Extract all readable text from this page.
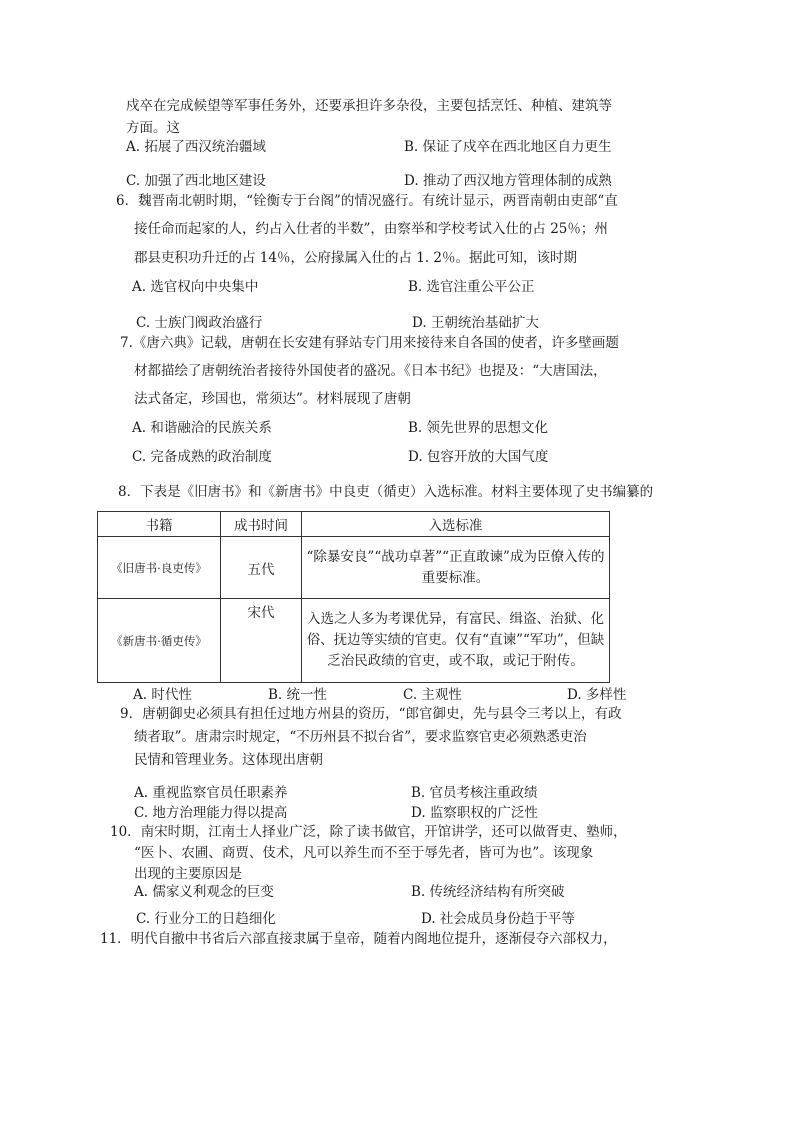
戍卒在完成候望等军事任务外，还要承担许多杂役，主要包括烹饪、种植、建筑等
方面。这
A. 拓展了西汉统治疆域	B. 保证了戍卒在西北地区自力更生
C. 加强了西北地区建设	D. 推动了西汉地方管理体制的成熟
6．魏晋南北朝时期，“铨衡专于台阁”的情况盛行。有统计显示，两晋南朝由吏部“直
接任命而起家的人，约占入仕者的半数”，由察举和学校考试入仕的占 25％；州
郡县吏积功升迁的占 14％，公府掾属入仕的占 1. 2％。据此可知，该时期
A. 选官权向中央集中	B. 选官注重公平公正
C. 士族门阀政治盛行	D. 王朝统治基础扩大
7.《唐六典》记载，唐朝在长安建有驿站专门用来接待来自各国的使者，许多壁画题
材都描绘了唐朝统治者接待外国使者的盛况。《日本书纪》也提及：“大唐国法，
法式备定，珍国也，常须达”。材料展现了唐朝
A. 和谐融洽的民族关系	B. 领先世界的思想文化
C. 完备成熟的政治制度	D. 包容开放的大国气度
8．下表是《旧唐书》和《新唐书》中良吏（循吏）入选标准。材料主要体现了史书编纂的
书籍	成书时间	入选标准
《旧唐书·良吏传》	五代	“除暴安良”“战功卓著”“正直敢谏”成为臣僚入传的重要标准。
《新唐书·循吏传》	宋代	入选之人多为考课优异，有富民、缉盗、治狱、化俗、抚边等实绩的官吏。仅有“直谏”“军功”，但缺乏治民政绩的官吏，或不取，或记于附传。
A. 时代性	B. 统一性	C. 主观性	D. 多样性
9．唐朝御史必须具有担任过地方州县的资历，“郎官御史，先与县令三考以上，有政
绩者取”。唐肃宗时规定，“不历州县不拟台省”，要求监察官吏必须熟悉吏治
民情和管理业务。这体现出唐朝
A. 重视监察官员任职素养	B. 官员考核注重政绩
C. 地方治理能力得以提高	D. 监察职权的广泛性
10．南宋时期，江南士人择业广泛，除了读书做官，开馆讲学，还可以做胥吏、塾师，
“医卜、农圃、商贾、伎术，凡可以养生而不至于辱先者，皆可为也”。该现象
出现的主要原因是
A. 儒家义利观念的巨变	B. 传统经济结构有所突破
C. 行业分工的日趋细化	D. 社会成员身份趋于平等
11．明代自撤中书省后六部直接隶属于皇帝，随着内阁地位提升，逐渐侵夺六部权力，
